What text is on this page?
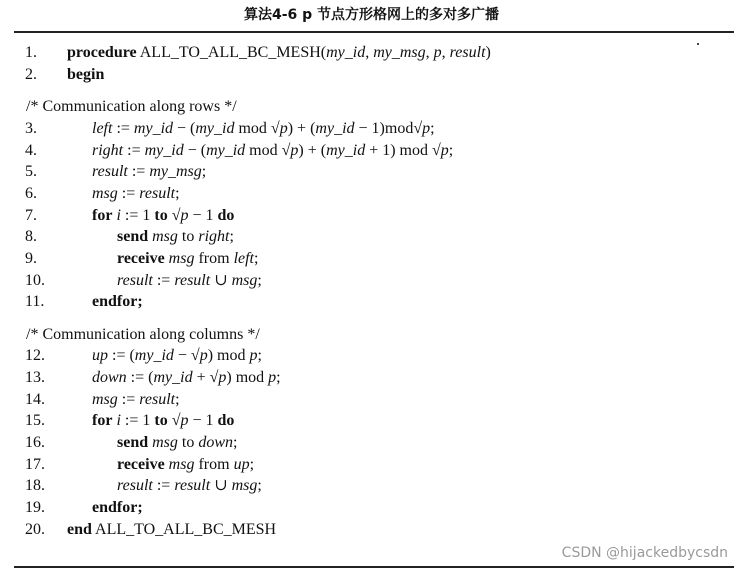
算法4-6 p 节点方形格网上的多对多广播
1.	procedure ALL_TO_ALL_BC_MESH(my_id, my_msg, p, result)
2.	begin
/* Communication along rows */
3.	left := my_id − (my_id mod √p) + (my_id − 1)mod√p;
4.	right := my_id − (my_id mod √p) + (my_id + 1) mod √p;
5.	result := my_msg;
6.	msg := result;
7.	for i := 1 to √p − 1 do
8.	send msg to right;
9.	receive msg from left;
10.	result := result ∪ msg;
11.	endfor;
/* Communication along columns */
12.	up := (my_id − √p) mod p;
13.	down := (my_id + √p) mod p;
14.	msg := result;
15.	for i := 1 to √p − 1 do
16.	send msg to down;
17.	receive msg from up;
18.	result := result ∪ msg;
19.	endfor;
20.	end ALL_TO_ALL_BC_MESH
CSDN @hijackedbycsdn
